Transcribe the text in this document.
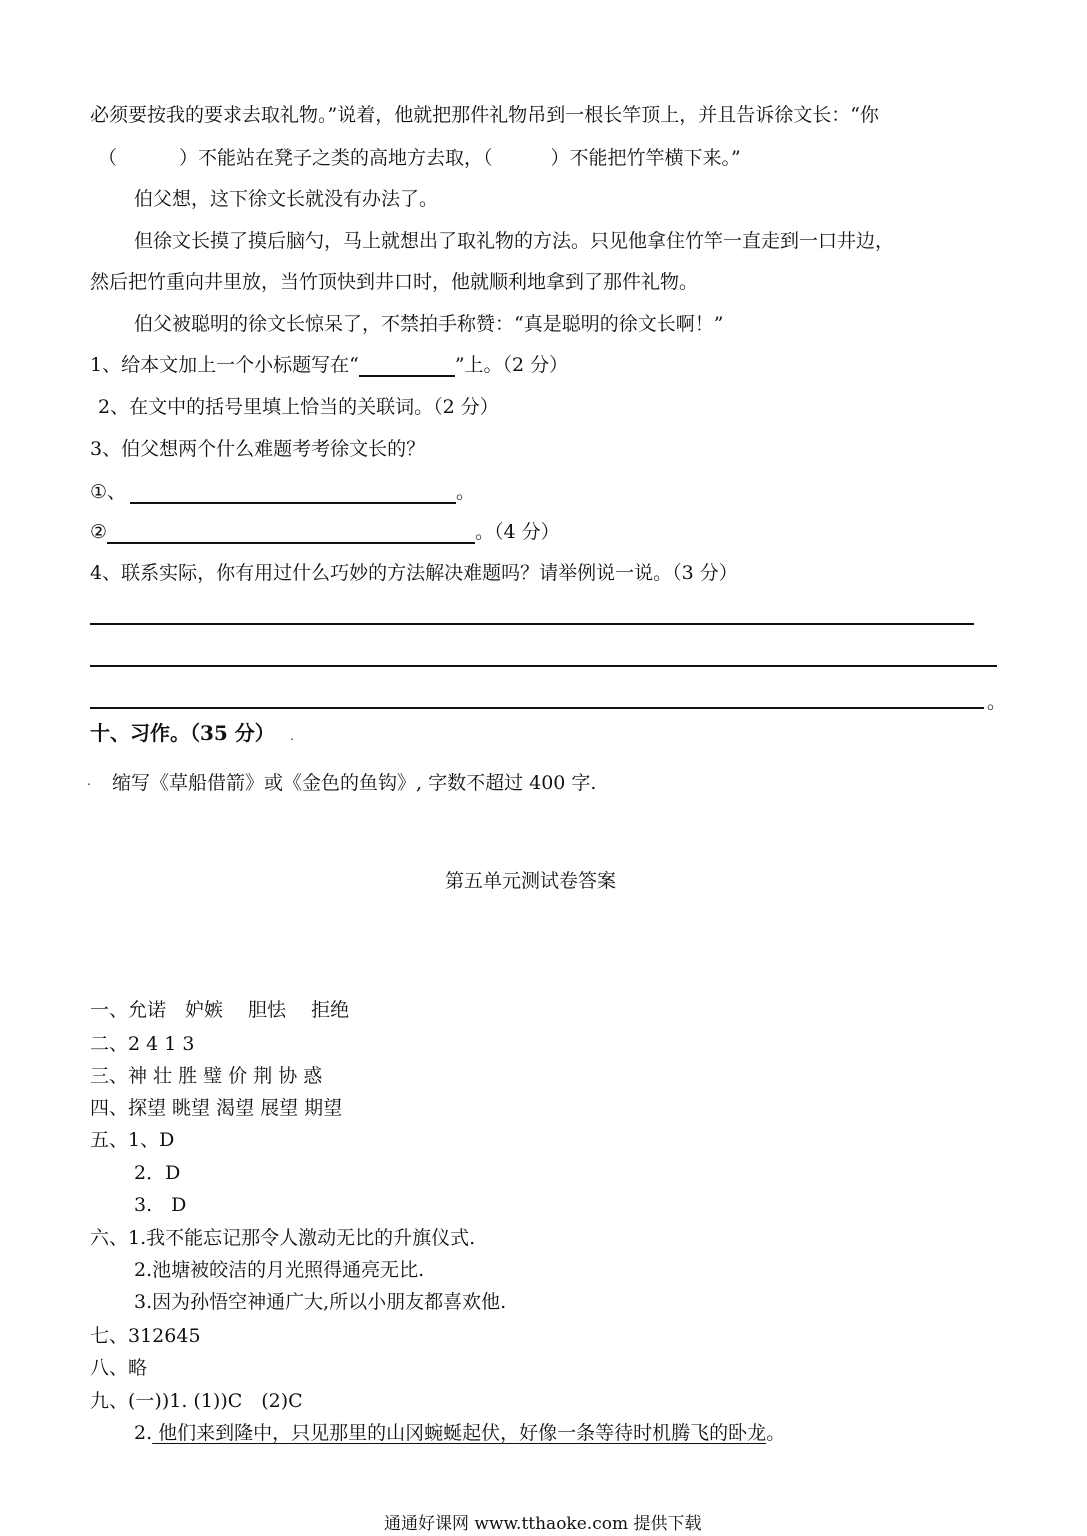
必须要按我的要求去取礼物。”说着，他就把那件礼物吊到一根长竿顶上，并且告诉徐文长：“你
（	）不能站在凳子之类的高地方去取，（	）不能把竹竿横下来。”
伯父想，这下徐文长就没有办法了。
但徐文长摸了摸后脑勺，马上就想出了取礼物的方法。只见他拿住竹竿一直走到一口井边，
然后把竹重向井里放，当竹顶快到井口时，他就顺利地拿到了那件礼物。
伯父被聪明的徐文长惊呆了，不禁拍手称赞：“真是聪明的徐文长啊！”
1、给本文加上一个小标题写在“	”上。（2 分）
2、在文中的括号里填上恰当的关联词。（2 分）
3、伯父想两个什么难题考考徐文长的？
①、	。
②	。（4 分）
4、联系实际，你有用过什么巧妙的方法解决难题吗？请举例说一说。（3 分）
。
十、习作。（35 分） .
. 缩写《草船借箭》或《金色的鱼钩》, 字数不超过 400 字.
第五单元测试卷答案
一、允诺　妒嫉　 胆怯　 拒绝
二、2 4 1 3
三、神 壮 胜 璧 价 荆 协 惑
四、探望 眺望 渴望 展望 期望
五、1、D
2．D
3.　D
六、1.我不能忘记那令人激动无比的升旗仪式.
2.池塘被皎洁的月光照得通亮无比.
3.因为孙悟空神通广大,所以小朋友都喜欢他.
七、312645
八、略
九、(一))1. (1))C　(2)C
2. 他们来到隆中，只见那里的山冈蜿蜒起伏，好像一条等待时机腾飞的卧龙。
通通好课网 www.tthaoke.com 提供下载
